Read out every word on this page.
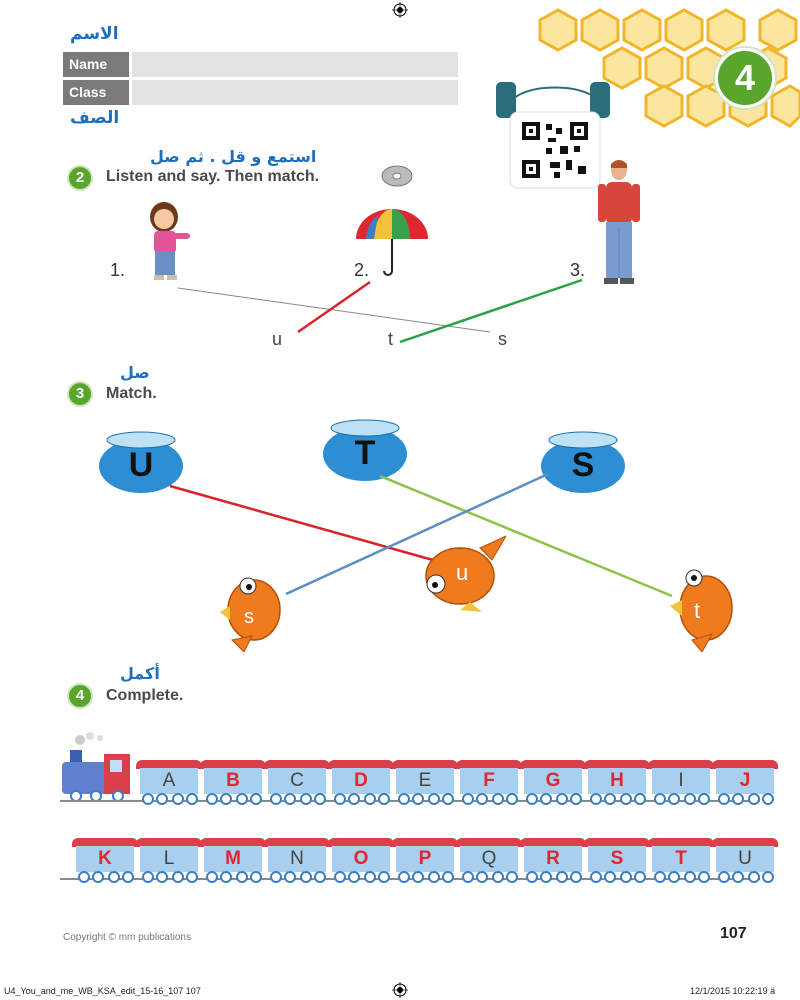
الاسم
Name
Class
الصف
4
استمع و قل . ثم صل
2	Listen and say. Then match.
1.	2.	3.
u	t	s
صل
3	Match.
U	T	S
s
u
t
أكمل
4	Complete.
A	B	C	D	E	F	G	H	I	J
K	L	M	N	O	P	Q	R	S	T	U
Copyright © mm publications	107
U4_You_and_me_WB_KSA_edit_15-16_107 107	12/1/2015 10:22:19 ä
